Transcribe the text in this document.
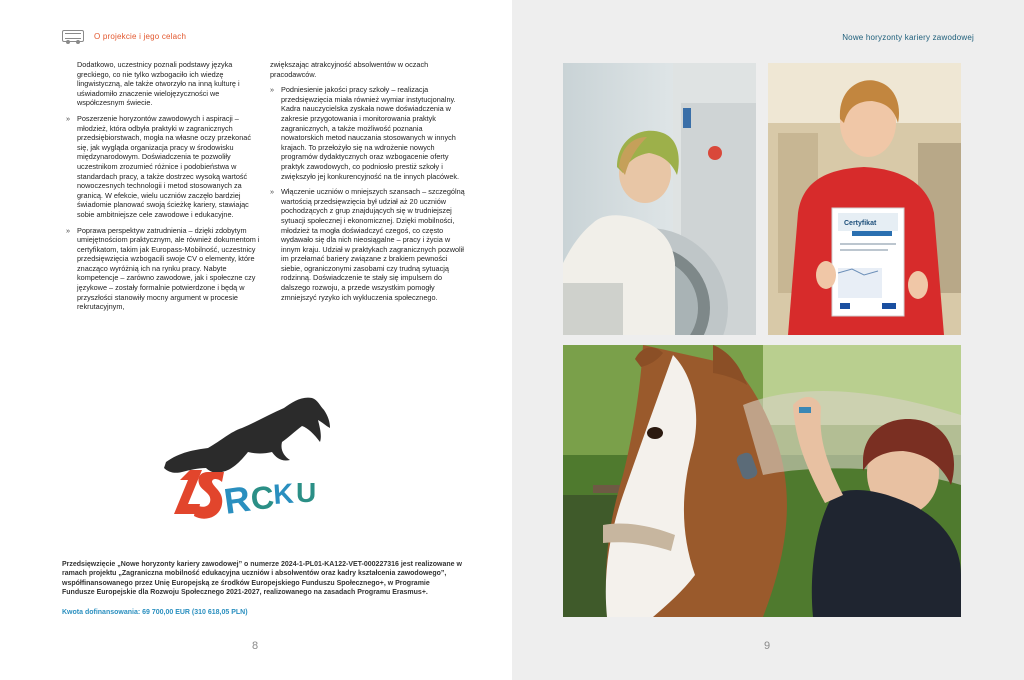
O projekcie i jego celach

Dodatkowo, uczestnicy poznali podstawy języka greckiego, co nie tylko wzbogaciło ich wiedzę lingwistyczną, ale także otworzyło na inną kulturę i uświadomiło znaczenie wielojęzyczności we współczesnym świecie.

» Poszerzenie horyzontów zawodowych i aspiracji – młodzież, która odbyła praktyki w zagranicznych przedsiębiorstwach, mogła na własne oczy przekonać się, jak wygląda organizacja pracy w środowisku międzynarodowym. Doświadczenia te pozwoliły uczestnikom zrozumieć różnice i podobieństwa w standardach pracy, a także dostrzec wysoką wartość nowoczesnych technologii i metod stosowanych za granicą. W efekcie, wielu uczniów zaczęło bardziej świadomie planować swoją ścieżkę kariery, stawiając sobie ambitniejsze cele zawodowe i edukacyjne.
» Poprawa perspektyw zatrudnienia – dzięki zdobytym umiejętnościom praktycznym, ale również dokumentom i certyfikatom, takim jak Europass-Mobilność, uczestnicy przedsięwzięcia wzbogacili swoje CV o elementy, które znacząco wyróżnią ich na rynku pracy. Nabyte kompetencje – zarówno zawodowe, jak i społeczne czy językowe – zostały formalnie potwierdzone i będą w przyszłości stanowiły mocny argument w procesie rekrutacyjnym,

zwiększając atrakcyjność absolwentów w oczach pracodawców.

» Podniesienie jakości pracy szkoły – realizacja przedsięwzięcia miała również wymiar instytucjonalny. Kadra nauczycielska zyskała nowe doświadczenia w zakresie przygotowania i monitorowania praktyk zagranicznych, a także możliwość poznania nowatorskich metod nauczania stosowanych w innych krajach. To przełożyło się na wdrożenie nowych programów dydaktycznych oraz wzbogacenie oferty praktyk zawodowych, co podniosło prestiż szkoły i zwiększyło jej konkurencyjność na tle innych placówek.
» Włączenie uczniów o mniejszych szansach – szczególną wartością przedsięwzięcia był udział aż 20 uczniów pochodzących z grup znajdujących się w trudniejszej sytuacji społecznej i ekonomicznej. Dzięki mobilności, młodzież ta mogła doświadczyć czegoś, co często wydawało się dla nich nieosiągalne – pracy i życia w innym kraju. Udział w praktykach zagranicznych pozwolił im przełamać bariery związane z brakiem pewności siebie, ograniczonymi zasobami czy trudną sytuacją rodzinną. Doświadczenie te stały się impulsem do dalszego rozwoju, a przede wszystkim pomogły zmniejszyć ryzyko ich wykluczenia społecznego.
R
C
K U
Przedsięwzięcie „Nowe horyzonty kariery zawodowej” o numerze 2024-1-PL01-KA122-VET-000227316 jest realizowane w ramach projektu „Zagraniczna mobilność edukacyjna uczniów i absolwentów oraz kadry kształcenia zawodowego”, współfinansowanego przez Unię Europejską ze środków Europejskiego Funduszu Społecznego+, w Programie Fundusze Europejskie dla Rozwoju Społecznego 2021-2027, realizowanego na zasadach Programu Erasmus+.
Kwota dofinansowania: 69 700,00 EUR (310 618,05 PLN)
8
Nowe horyzonty kariery zawodowej
9
Certyfikat
